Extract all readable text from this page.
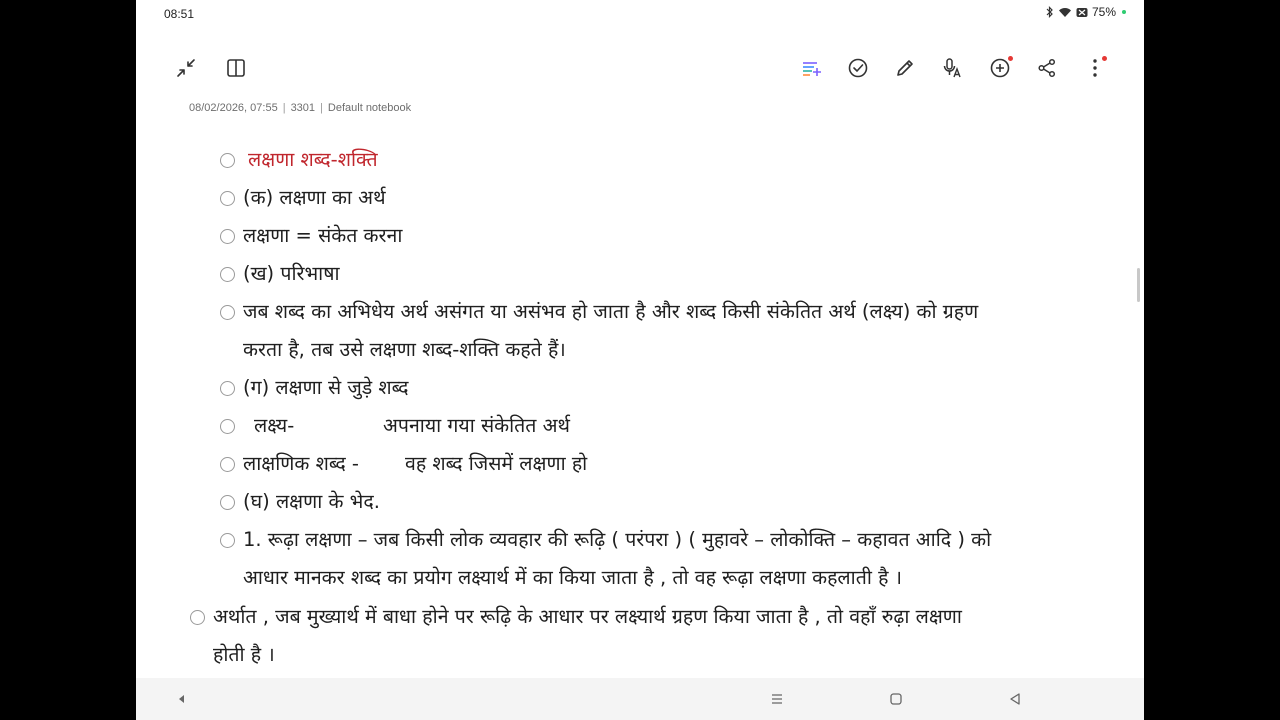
08:51	75%
08/02/2026, 07:55 | 3301 | Default notebook
लक्षणा शब्द-शक्ति
(क) लक्षणा का अर्थ
लक्षणा = संकेत करना
(ख) परिभाषा
जब शब्द का अभिधेय अर्थ असंगत या असंभव हो जाता है और शब्द किसी संकेतित अर्थ (लक्ष्य) को ग्रहण
करता है, तब उसे लक्षणा शब्द-शक्ति कहते हैं।
(ग) लक्षणा से जुड़े शब्द
लक्ष्य-	अपनाया गया संकेतित अर्थ
लाक्षणिक शब्द - वह शब्द जिसमें लक्षणा हो
(घ) लक्षणा के भेद.
1. रूढ़ा लक्षणा – जब किसी लोक व्यवहार की रूढ़ि ( परंपरा ) ( मुहावरे – लोकोक्ति – कहावत आदि ) को
आधार मानकर शब्द का प्रयोग लक्ष्यार्थ में का किया जाता है , तो वह रूढ़ा लक्षणा कहलाती है ।
अर्थात , जब मुख्यार्थ में बाधा होने पर रूढ़ि के आधार पर लक्ष्यार्थ ग्रहण किया जाता है , तो वहाँ रुढ़ा लक्षणा
होती है ।
